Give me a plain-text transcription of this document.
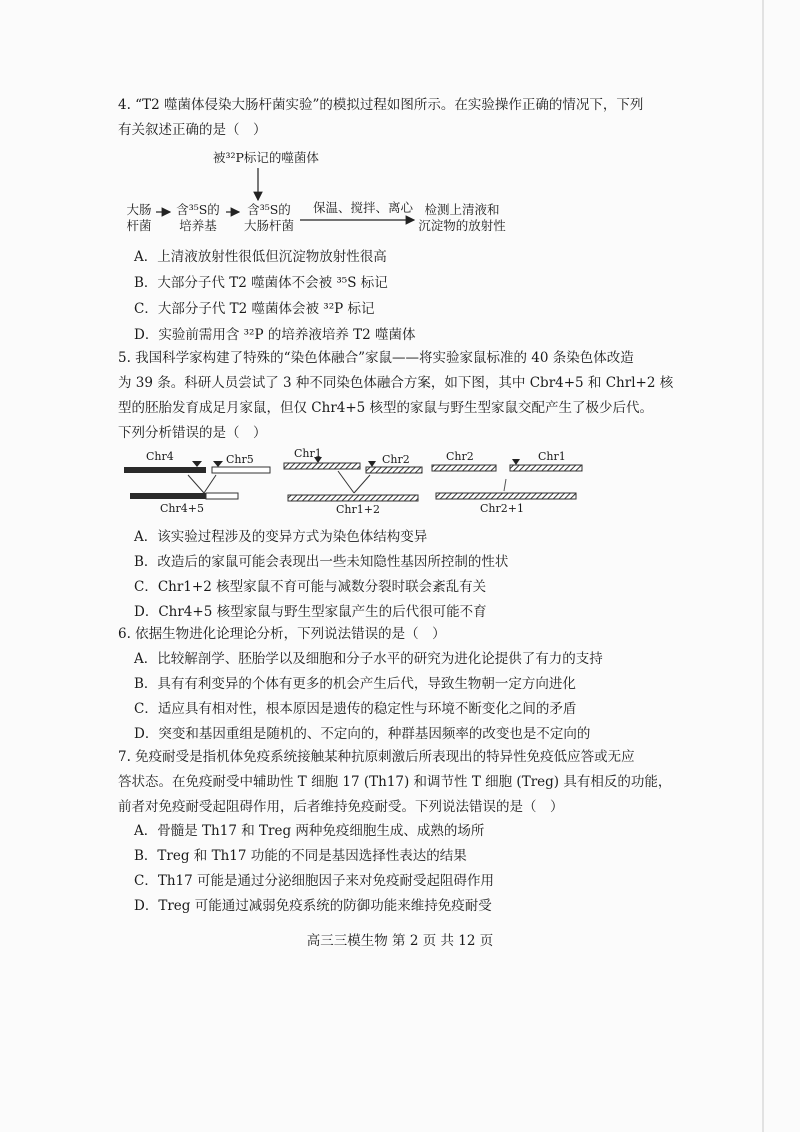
4. “T2 噬菌体侵染大肠杆菌实验”的模拟过程如图所示。在实验操作正确的情况下，下列

有关叙述正确的是（　）

被³²P标记的噬菌体
大肠
杆菌
含³⁵S的
培养基
含³⁵S的
大肠杆菌
保温、搅拌、离心 检测上清液和
沉淀物的放射性
A．上清液放射性很低但沉淀物放射性很高
B．大部分子代 T2 噬菌体不会被 ³⁵S 标记
C．大部分子代 T2 噬菌体会被 ³²P 标记
D．实验前需用含 ³²P 的培养液培养 T2 噬菌体

5. 我国科学家构建了特殊的“染色体融合”家鼠——将实验家鼠标准的 40 条染色体改造

为 39 条。科研人员尝试了 3 种不同染色体融合方案，如下图，其中 Cbr4+5 和 Chrl+2 核

型的胚胎发育成足月家鼠，但仅 Chr4+5 核型的家鼠与野生型家鼠交配产生了极少后代。

下列分析错误的是（　）

Chr4	Chr5
Chr4+5
Chr1	Chr2
Chr1+2
Chr2	Chr1
Chr2+1
A．该实验过程涉及的变异方式为染色体结构变异
B．改造后的家鼠可能会表现出一些未知隐性基因所控制的性状
C．Chr1+2 核型家鼠不育可能与减数分裂时联会紊乱有关
D．Chr4+5 核型家鼠与野生型家鼠产生的后代很可能不育

6. 依据生物进化论理论分析，下列说法错误的是（　）

A．比较解剖学、胚胎学以及细胞和分子水平的研究为进化论提供了有力的支持
B．具有有利变异的个体有更多的机会产生后代，导致生物朝一定方向进化
C．适应具有相对性，根本原因是遗传的稳定性与环境不断变化之间的矛盾
D．突变和基因重组是随机的、不定向的，种群基因频率的改变也是不定向的

7. 免疫耐受是指机体免疫系统接触某种抗原刺激后所表现出的特异性免疫低应答或无应

答状态。在免疫耐受中辅助性 T 细胞 17 (Th17) 和调节性 T 细胞 (Treg) 具有相反的功能，

前者对免疫耐受起阻碍作用，后者维持免疫耐受。下列说法错误的是（　）

A．骨髓是 Th17 和 Treg 两种免疫细胞生成、成熟的场所
B．Treg 和 Th17 功能的不同是基因选择性表达的结果
C．Th17 可能是通过分泌细胞因子来对免疫耐受起阻碍作用
D．Treg 可能通过减弱免疫系统的防御功能来维持免疫耐受
高三三模生物 第 2 页 共 12 页
